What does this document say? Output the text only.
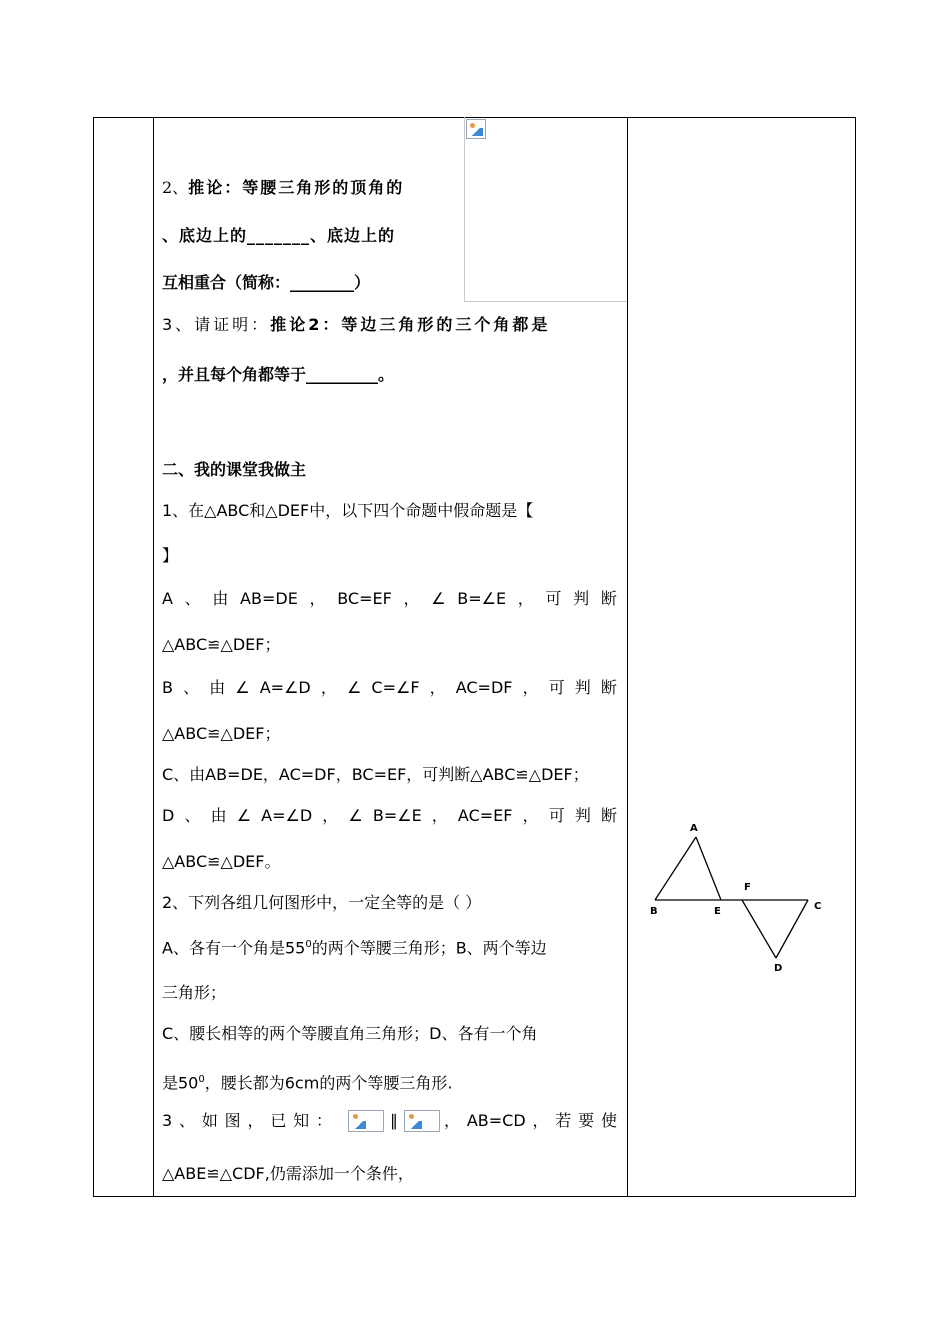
2、推论：等腰三角形的顶角的
、底边上的_______、底边上的
互相重合（简称：________）
3、请证明：推论2：等边三角形的三个角都是
，并且每个角都等于_________。
二、我的课堂我做主
1、在△ABC和△DEF中，以下四个命题中假命题是【
】
A 、 由 AB=DE ， BC=EF ， ∠ B=∠E ， 可 判 断
△ABC≌△DEF；
B 、 由 ∠ A=∠D ， ∠ C=∠F ， AC=DF ， 可 判 断
△ABC≌△DEF；
C、由AB=DE，AC=DF，BC=EF，可判断△ABC≌△DEF；
D 、 由 ∠ A=∠D ， ∠ B=∠E ， AC=EF ， 可 判 断
△ABC≌△DEF。
2、下列各组几何图形中，一定全等的是（ ）
A、各有一个角是$55^0$的两个等腰三角形；B、两个等边
三角形；
C、腰长相等的两个等腰直角三角形；D、各有一个角
是$50^0$，腰长都为6cm的两个等腰三角形.
3 、 如 图 ， 已 知 ：	∥	， AB=CD ， 若 要 使
△ABE≌△CDF,仍需添加一个条件，
A
B	E
F
C
D
